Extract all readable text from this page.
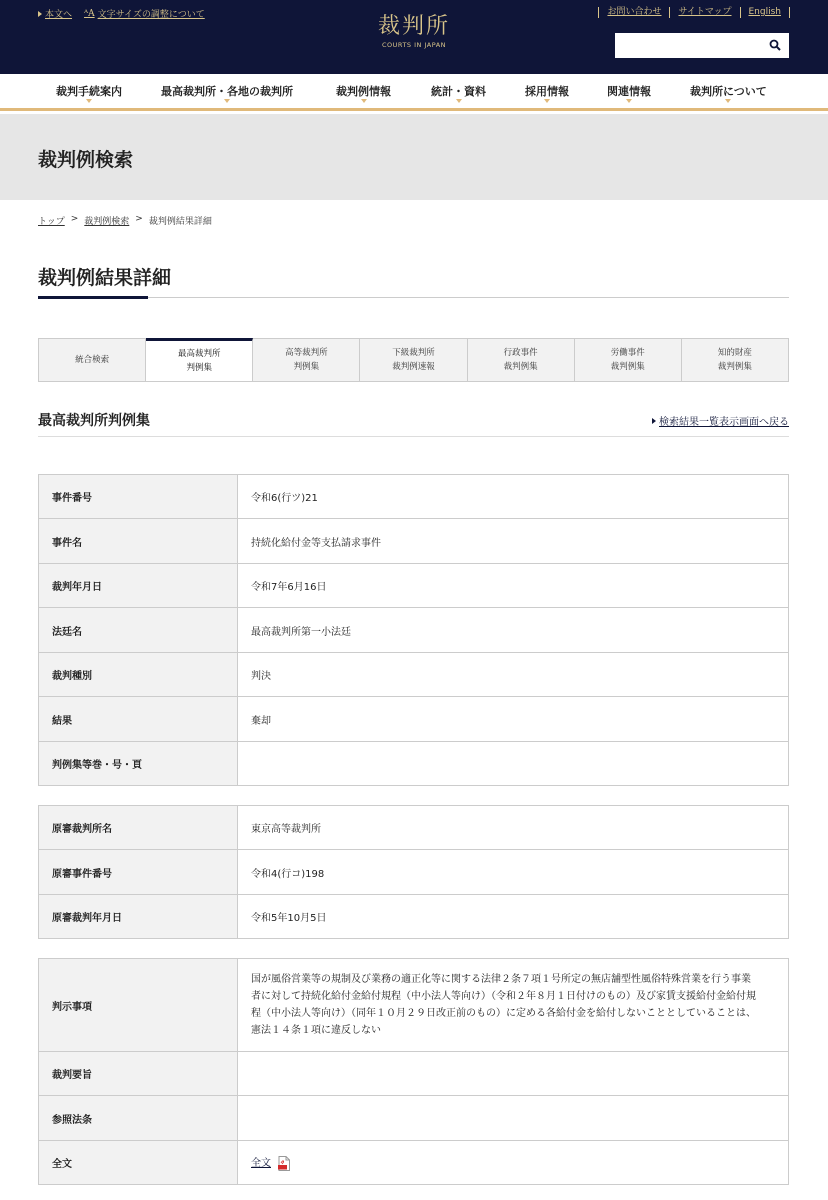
本文へ ᴬA 文字サイズの調整について	裁判所
COURTS IN JAPAN
お問い合わせ	サイトマップ	English
裁判手続案内	最高裁判所・各地の裁判所	裁判例情報	統計・資料	採用情報	関連情報	裁判所について
裁判例検索
トップ > 裁判例検索 > 裁判例結果詳細
裁判例結果詳細
統合検索
最高裁判所
判例集
高等裁判所
判例集
下級裁判所
裁判例速報
行政事件
裁判例集
労働事件
裁判例集
知的財産
裁判例集
最高裁判所判例集	検索結果一覧表示画面へ戻る
事件番号	令和6(行ツ)21
事件名	持続化給付金等支払請求事件
裁判年月日	令和7年6月16日
法廷名	最高裁判所第一小法廷
裁判種別	判決
結果	棄却
判例集等巻・号・頁	
原審裁判所名	東京高等裁判所
原審事件番号	令和4(行コ)198
原審裁判年月日	令和5年10月5日
判示事項	国が風俗営業等の規制及び業務の適正化等に関する法律２条７項１号所定の無店舗型性風俗特殊営業を行う事業
者に対して持続化給付金給付規程（中小法人等向け）（令和２年８月１日付けのもの）及び家賃支援給付金給付規
程（中小法人等向け）（同年１０月２９日改正前のもの）に定める各給付金を給付しないこととしていることは、
憲法１４条１項に違反しない

裁判要旨	
参照法条	
全文	全文
